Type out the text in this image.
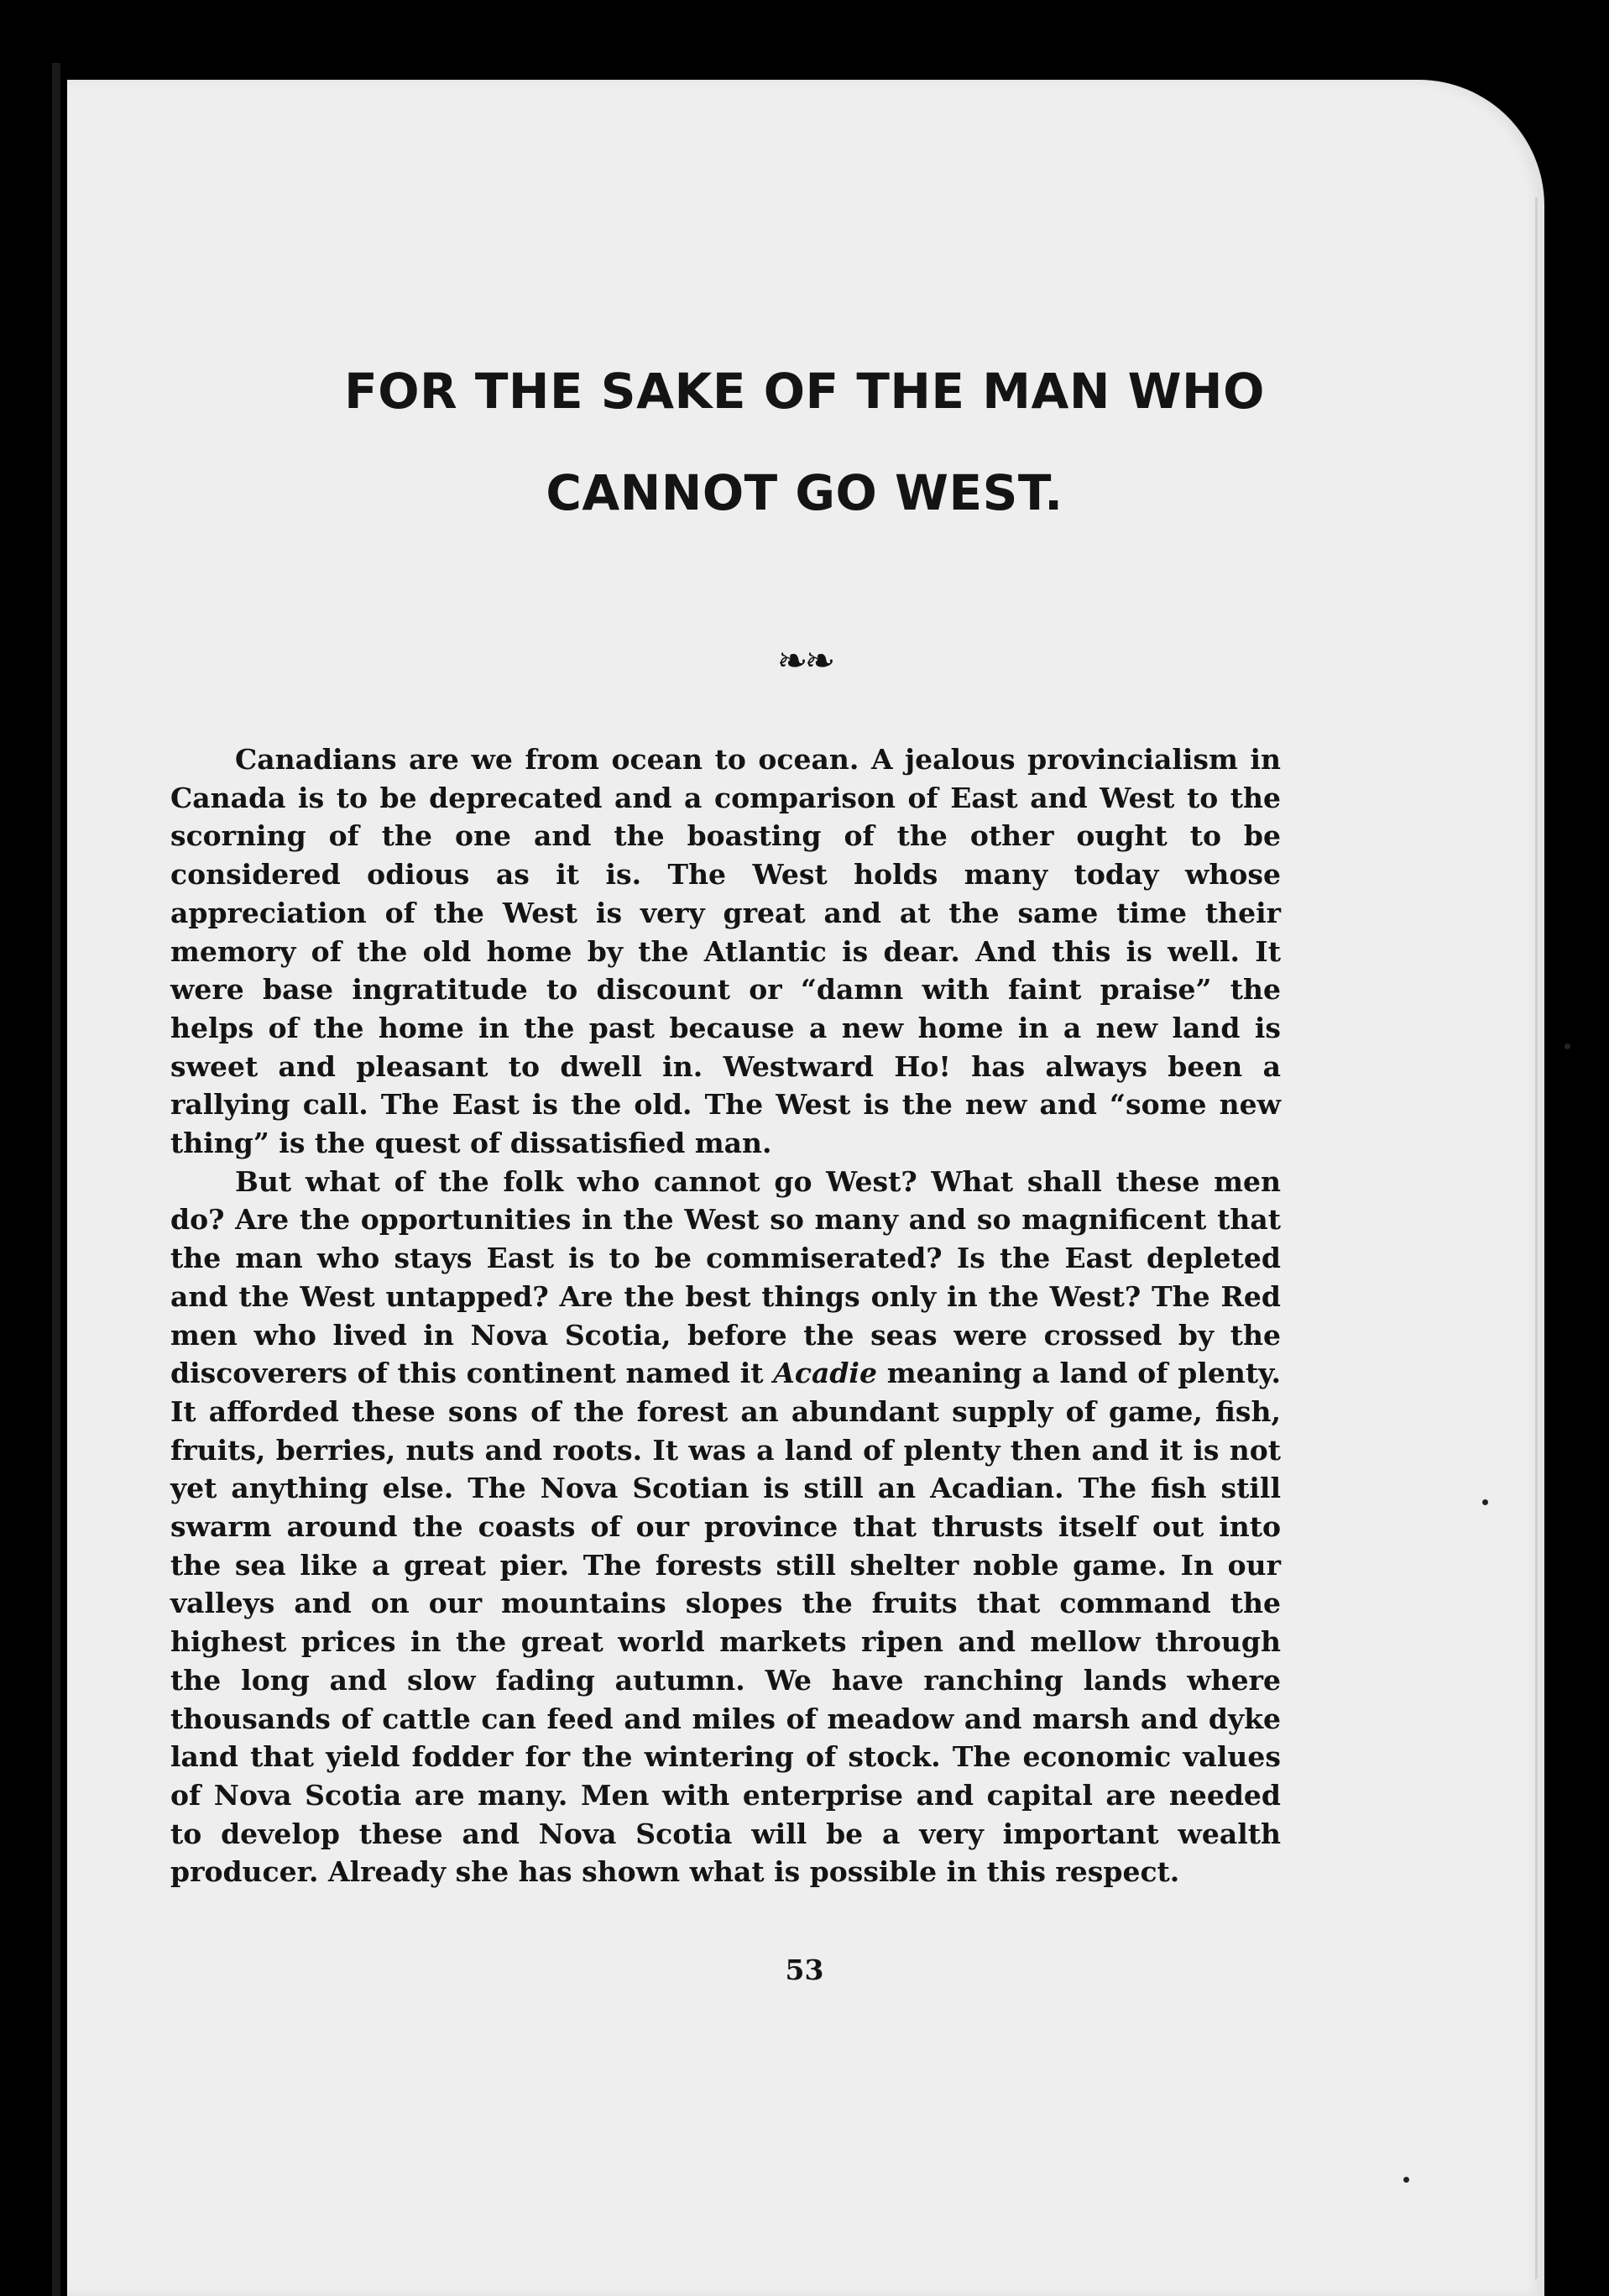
FOR THE SAKE OF THE MAN WHO
CANNOT GO WEST.
❧❧

Canadians are we from ocean to ocean. A jealous provincialism in Canada is to be deprecated and a comparison of East and West to the scorning of the one and the boasting of the other ought to be considered odious as it is. The West holds many today whose appreciation of the West is very great and at the same time their memory of the old home by the Atlantic is dear. And this is well. It were base ingratitude to discount or “damn with faint praise” the helps of the home in the past because a new home in a new land is sweet and pleasant to dwell in. Westward Ho! has always been a rallying call. The East is the old. The West is the new and “some new thing” is the quest of dissatisfied man.

But what of the folk who cannot go West? What shall these men do? Are the opportunities in the West so many and so magnificent that the man who stays East is to be commiserated? Is the East depleted and the West untapped? Are the best things only in the West? The Red men who lived in Nova Scotia, before the seas were crossed by the discoverers of this continent named it Acadie meaning a land of plenty. It afforded these sons of the forest an abundant supply of game, fish, fruits, berries, nuts and roots. It was a land of plenty then and it is not yet anything else. The Nova Scotian is still an Acadian. The fish still swarm around the coasts of our province that thrusts itself out into the sea like a great pier. The forests still shelter noble game. In our valleys and on our mountains slopes the fruits that command the highest prices in the great world markets ripen and mellow through the long and slow fading autumn. We have ranching lands where thousands of cattle can feed and miles of meadow and marsh and dyke land that yield fodder for the wintering of stock. The economic values of Nova Scotia are many. Men with enterprise and capital are needed to develop these and Nova Scotia will be a very important wealth producer. Already she has shown what is possible in this respect.

53
